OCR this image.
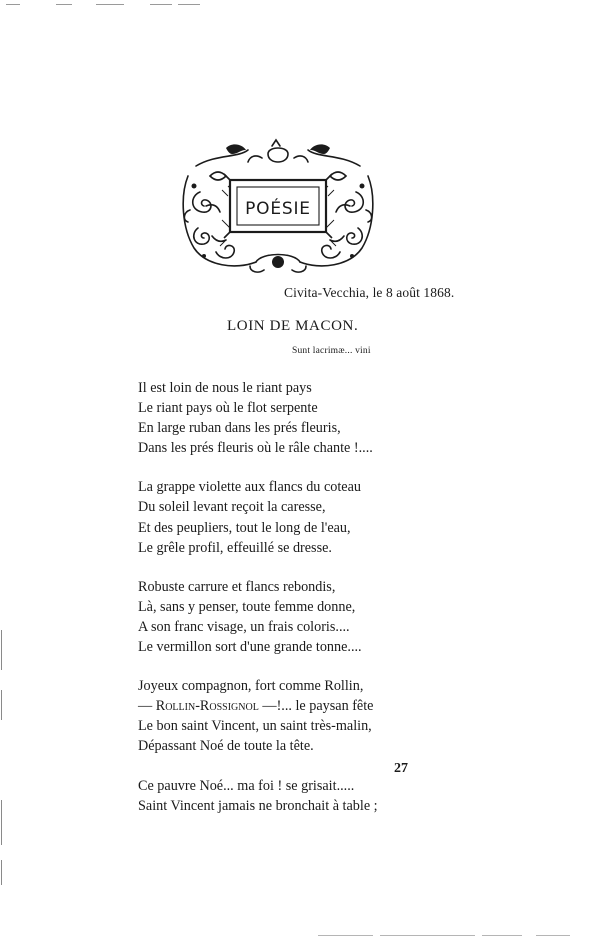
POÉSIE
Civita-Vecchia, le 8 août 1868.
LOIN DE MACON.
Sunt lacrimæ... vini
Il est loin de nous le riant pays
Le riant pays où le flot serpente
En large ruban dans les prés fleuris,
Dans les prés fleuris où le râle chante !....
La grappe violette aux flancs du coteau
Du soleil levant reçoit la caresse,
Et des peupliers, tout le long de l'eau,
Le grêle profil, effeuillé se dresse.
Robuste carrure et flancs rebondis,
Là, sans y penser, toute femme donne,
A son franc visage, un frais coloris....
Le vermillon sort d'une grande tonne....
Joyeux compagnon, fort comme Rollin,
— Rollin-Rossignol —!... le paysan fête
Le bon saint Vincent, un saint très-malin,
Dépassant Noé de toute la tête.
Ce pauvre Noé... ma foi ! se grisait.....
Saint Vincent jamais ne bronchait à table ;
27
